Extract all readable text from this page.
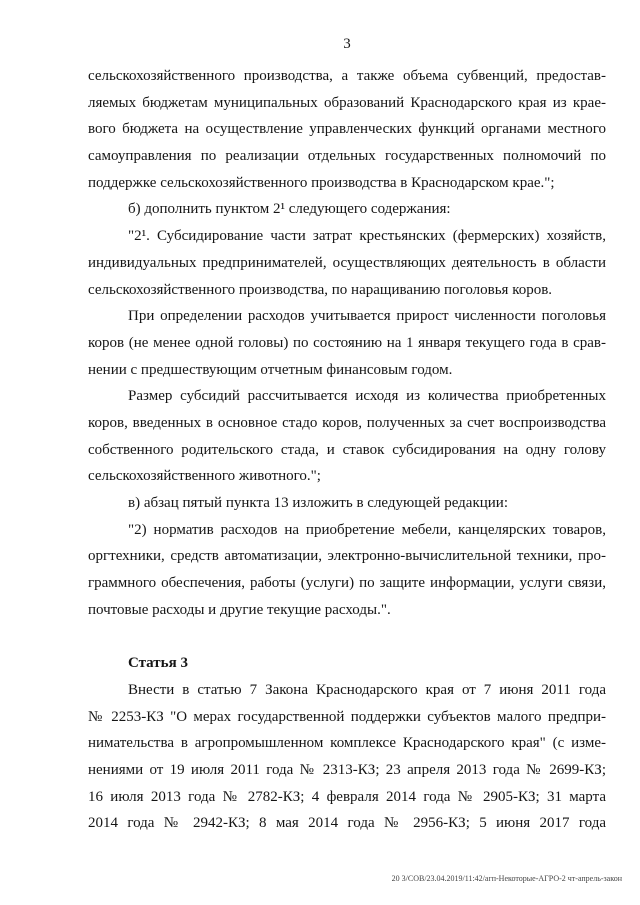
3
сельскохозяйственного производства, а также объема субвенций, предостав-
ляемых бюджетам муниципальных образований Краснодарского края из крае-
вого бюджета на осуществление управленческих функций органами местного
самоуправления по реализации отдельных государственных полномочий по
поддержке сельскохозяйственного производства в Краснодарском крае.";
б) дополнить пунктом 2¹ следующего содержания:
"2¹. Субсидирование части затрат крестьянских (фермерских) хозяйств,
индивидуальных предпринимателей, осуществляющих деятельность в области
сельскохозяйственного производства, по наращиванию поголовья коров.
При определении расходов учитывается прирост численности поголовья
коров (не менее одной головы) по состоянию на 1 января текущего года в срав-
нении с предшествующим отчетным финансовым годом.
Размер субсидий рассчитывается исходя из количества приобретенных
коров, введенных в основное стадо коров, полученных за счет воспроизводства
собственного родительского стада, и ставок субсидирования на одну голову
сельскохозяйственного животного.";
в) абзац пятый пункта 13 изложить в следующей редакции:
"2) норматив расходов на приобретение мебели, канцелярских товаров,
оргтехники, средств автоматизации, электронно-вычислительной техники, про-
граммного обеспечения, работы (услуги) по защите информации, услуги связи,
почтовые расходы и другие текущие расходы.".
Статья 3
Внести в статью 7 Закона Краснодарского края от 7 июня 2011 года
№ 2253-КЗ "О мерах государственной поддержки субъектов малого предпри-
нимательства в агропромышленном комплексе Краснодарского края" (с изме-
нениями от 19 июля 2011 года № 2313-КЗ; 23 апреля 2013 года № 2699-КЗ;
16 июля 2013 года № 2782-КЗ; 4 февраля 2014 года № 2905-КЗ; 31 марта
2014 года № 2942-КЗ; 8 мая 2014 года № 2956-КЗ; 5 июня 2017 года
20 3/СОВ/23.04.2019/11:42/агп-Некоторые-АГРО-2 чт-апрель-закон
